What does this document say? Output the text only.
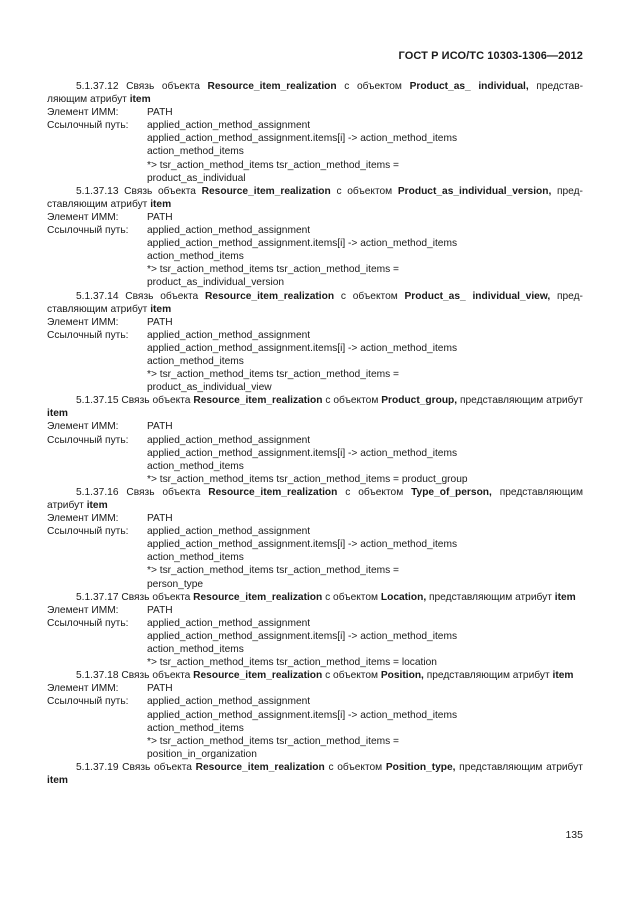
ГОСТ Р ИСО/ТС 10303-1306—2012
5.1.37.12 Связь объекта Resource_item_realization с объектом Product_as_ individual, представ- ляющим атрибут item
Элемент ИММ:	PATH
Ссылочный путь:	applied_action_method_assignment
applied_action_method_assignment.items[i] -> action_method_items
action_method_items
*> tsr_action_method_items tsr_action_method_items =
product_as_individual
5.1.37.13 Связь объекта Resource_item_realization с объектом Product_as_individual_version, пред- ставляющим атрибут item
Элемент ИММ:	PATH
Ссылочный путь:	applied_action_method_assignment
applied_action_method_assignment.items[i] -> action_method_items
action_method_items
*> tsr_action_method_items tsr_action_method_items =
product_as_individual_version
5.1.37.14 Связь объекта Resource_item_realization с объектом Product_as_ individual_view, пред- ставляющим атрибут item
Элемент ИММ:	PATH
Ссылочный путь:	applied_action_method_assignment
applied_action_method_assignment.items[i] -> action_method_items
action_method_items
*> tsr_action_method_items tsr_action_method_items =
product_as_individual_view
5.1.37.15 Связь объекта Resource_item_realization с объектом Product_group, представляющим атрибут item
Элемент ИММ:	PATH
Ссылочный путь:	applied_action_method_assignment
applied_action_method_assignment.items[i] -> action_method_items
action_method_items
*> tsr_action_method_items tsr_action_method_items = product_group
5.1.37.16 Связь объекта Resource_item_realization с объектом Type_of_person, представляющим атрибут item
Элемент ИММ:	PATH
Ссылочный путь:	applied_action_method_assignment
applied_action_method_assignment.items[i] -> action_method_items
action_method_items
*> tsr_action_method_items tsr_action_method_items =
person_type
5.1.37.17 Связь объекта Resource_item_realization с объектом Location, представляющим атрибут item
Элемент ИММ:	PATH
Ссылочный путь:	applied_action_method_assignment
applied_action_method_assignment.items[i] -> action_method_items
action_method_items
*> tsr_action_method_items tsr_action_method_items = location
5.1.37.18 Связь объекта Resource_item_realization с объектом Position, представляющим атрибут item
Элемент ИММ:	PATH
Ссылочный путь:	applied_action_method_assignment
applied_action_method_assignment.items[i] -> action_method_items
action_method_items
*> tsr_action_method_items tsr_action_method_items =
position_in_organization
5.1.37.19 Связь объекта Resource_item_realization с объектом Position_type, представляющим атрибут item
135
